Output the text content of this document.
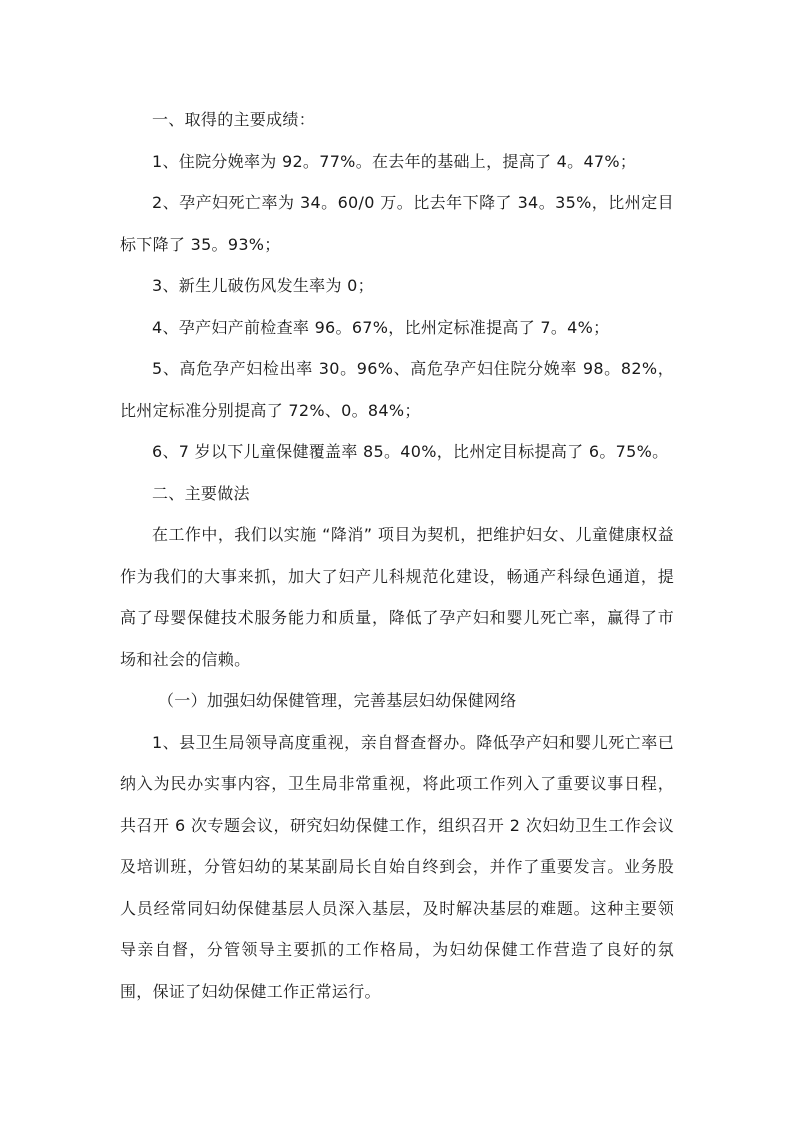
一、取得的主要成绩：

1、住院分娩率为 92。77%。在去年的基础上，提高了 4。47%；

2、孕产妇死亡率为 34。60/0 万。比去年下降了 34。35%，比州定目标下降了 35。93%；

3、新生儿破伤风发生率为 0；

4、孕产妇产前检查率 96。67%，比州定标准提高了 7。4%；

5、高危孕产妇检出率 30。96%、高危孕产妇住院分娩率 98。82%，比州定标准分别提高了 72%、0。84%；

6、7 岁以下儿童保健覆盖率 85。40%，比州定目标提高了 6。75%。

二、主要做法

在工作中，我们以实施 “降消” 项目为契机，把维护妇女、儿童健康权益作为我们的大事来抓，加大了妇产儿科规范化建设，畅通产科绿色通道，提高了母婴保健技术服务能力和质量，降低了孕产妇和婴儿死亡率，赢得了市场和社会的信赖。

（一）加强妇幼保健管理，完善基层妇幼保健网络

1、县卫生局领导高度重视，亲自督查督办。降低孕产妇和婴儿死亡率已纳入为民办实事内容，卫生局非常重视，将此项工作列入了重要议事日程，共召开 6 次专题会议，研究妇幼保健工作，组织召开 2 次妇幼卫生工作会议及培训班，分管妇幼的某某副局长自始自终到会，并作了重要发言。业务股人员经常同妇幼保健基层人员深入基层，及时解决基层的难题。这种主要领导亲自督，分管领导主要抓的工作格局，为妇幼保健工作营造了良好的氛围，保证了妇幼保健工作正常运行。
